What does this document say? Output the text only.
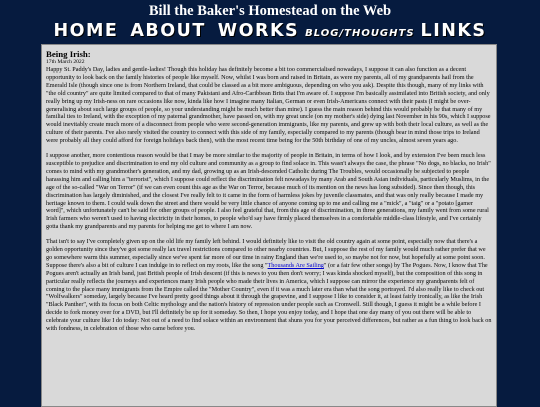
Bill the Baker's Homestead on the Web
HOME ABOUT WORKS BLOG/THOUGHTS LINKS

Being Irish:

17th March 2022

Happy St. Paddy's Day, ladies and gentle-ladies! Though this holiday has definitely become a bit too commercialised nowadays, I suppose it can also function as a decent opportunity to look back on the family histories of people like myself. Now, whilst I was born and raised in Britain, as were my parents, all of my grandparents hail from the Emerald Isle (though since one is from Northern Ireland, that could be classed as a bit more ambiguous, depending on who you ask). Despite this though, many of my links with "the old country" are quite limited compared to that of many Pakistani and Afro-Caribbean Brits that I'm aware of. I suppose I'm basically assimilated into British society, and only really bring up my Irish-ness on rare occasions like now, kinda like how I imagine many Italian, German or even Irish-Americans connect with their pasts (I might be over-generalising about such large groups of people, so your understanding might be much better than mine). I guess the main reason behind this would probably be that many of my familial ties to Ireland, with the exception of my paternal grandmother, have passed on, with my great uncle (on my mother's side) dying last November in his 90s, which I suppose would inevitably create much more of a disconnect from people who were second-generation immigrants, like my parents, and grew up with both their local culture, as well as the culture of their parents. I've also rarely visited the country to connect with this side of my family, especially compared to my parents (though bear in mind those trips to Ireland were probably all they could afford for foreign holidays back then), with the most recent time being for the 50th birthday of one of my uncles, almost seven years ago.

I suppose another, more contentious reason would be that I may be more similar to the majority of people in Britain, in terms of how I look, and by extension I've been much less susceptible to prejudice and discrimination to end my old culture and community as a group to find solace in. This wasn't always the case, the phrase "No dogs, no blacks, no Irish" comes to mind with my grandmother's generation, and my dad, growing up as an Irish-descended Catholic during The Troubles, would occasionally be subjected to people harassing him and calling him a "terrorist", which I suppose could reflect the discrimination felt nowadays by many Arab and South Asian individuals, particularly Muslims, in the age of the so-called "War on Terror" (if we can even count this age as the War on Terror, because much of its mention on the news has long subsided). Since then though, this discrimination has largely diminished, and the closest I've really felt to it came in the form of harmless jokes by juvenile classmates, and that was only really because I made my heritage known to them. I could walk down the street and there would be very little chance of anyone coming up to me and calling me a "mick", a "taig" or a "potato [gamer word]", which unfortunately can't be said for other groups of people. I also feel grateful that, from this age of discrimination, in three generations, my family went from some rural Irish farmers who weren't used to having electricity in their homes, to people who'd say have firmly placed themselves in a comfortable middle-class lifestyle, and I've certainly gotta thank my grandparents and my parents for helping me get to where I am now.

That isn't to say I've completely given up on the old life my family left behind. I would definitely like to visit the old country again at some point, especially now that there's a golden opportunity since they've got some really lax travel restrictions compared to other nearby countries. But, I suppose the rest of my family would much rather prefer that we go somewhere warm this summer, especially since we've spent far more of our time in rainy England than we're used to, so maybe not for now, but hopefully at some point soon. Suppose there's also a bit of culture I can indulge in to reflect on my roots, like the song "Thousands Are Sailing" (or a fair few other songs) by The Pogues. Now, I know that The Pogues aren't actually an Irish band, just British people of Irish descent (if this is news to you then don't worry; I was kinda shocked myself), but the composition of this song in particular really reflects the journeys and experiences many Irish people who made their lives in America, which I suppose can mirror the experience my grandparents felt of coming to the place many immigrants from the Empire called the "Mother Country", even if it was a much later era than what the song portrayed. I'd also really like to check out "Wolfwalkers" someday, largely because I've heard pretty good things about it through the grapevine, and I suppose I like to consider it, at least fairly ironically, as like the Irish "Black Panther", with its focus on both Celtic mythology and the nation's history of repression under people such as Cromwell. Still though, I guess it might be a while before I decide to fork money over for a DVD, but I'll definitely be up for it someday. So then, I hope you enjoy today, and I hope that one day many of you out there will be able to celebrate your culture like I do today: Not out of a need to find solace within an environment that shuns you for your perceived differences, but rather as a fun thing to look back on with fondness, in celebration of those who came before you.
